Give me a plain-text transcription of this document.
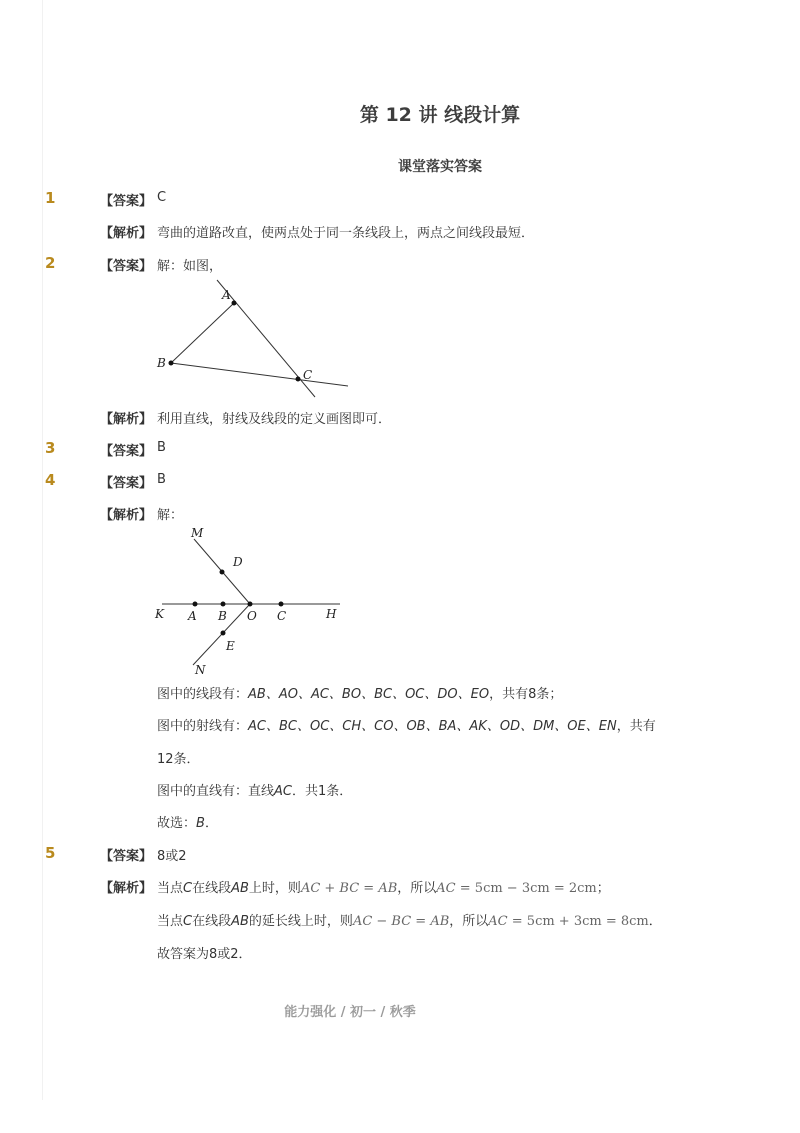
第 12 讲 线段计算
课堂落实答案
1	【答案】 C
【解析】 弯曲的道路改直，使两点处于同一条线段上，两点之间线段最短．
2	【答案】 解：如图，
A
B
C
【解析】 利用直线，射线及线段的定义画图即可．
3	【答案】 B
4	【答案】 B
【解析】 解：
M
D
K A B O C	H
E
N
图中的线段有：AB、AO、AC、BO、BC、OC、DO、EO，共有8条；
图中的射线有：AC、BC、OC、CH、CO、OB、BA、AK、OD、DM、OE、EN，共有
12条．
图中的直线有：直线AC．共1条．
故选：B．
5	【答案】 8或2
【解析】 当点C在线段AB上时，则AC + BC = AB，所以AC = 5cm − 3cm = 2cm；
当点C在线段AB的延长线上时，则AC − BC = AB，所以AC = 5cm + 3cm = 8cm．
故答案为8或2．
能力强化 / 初一 / 秋季
